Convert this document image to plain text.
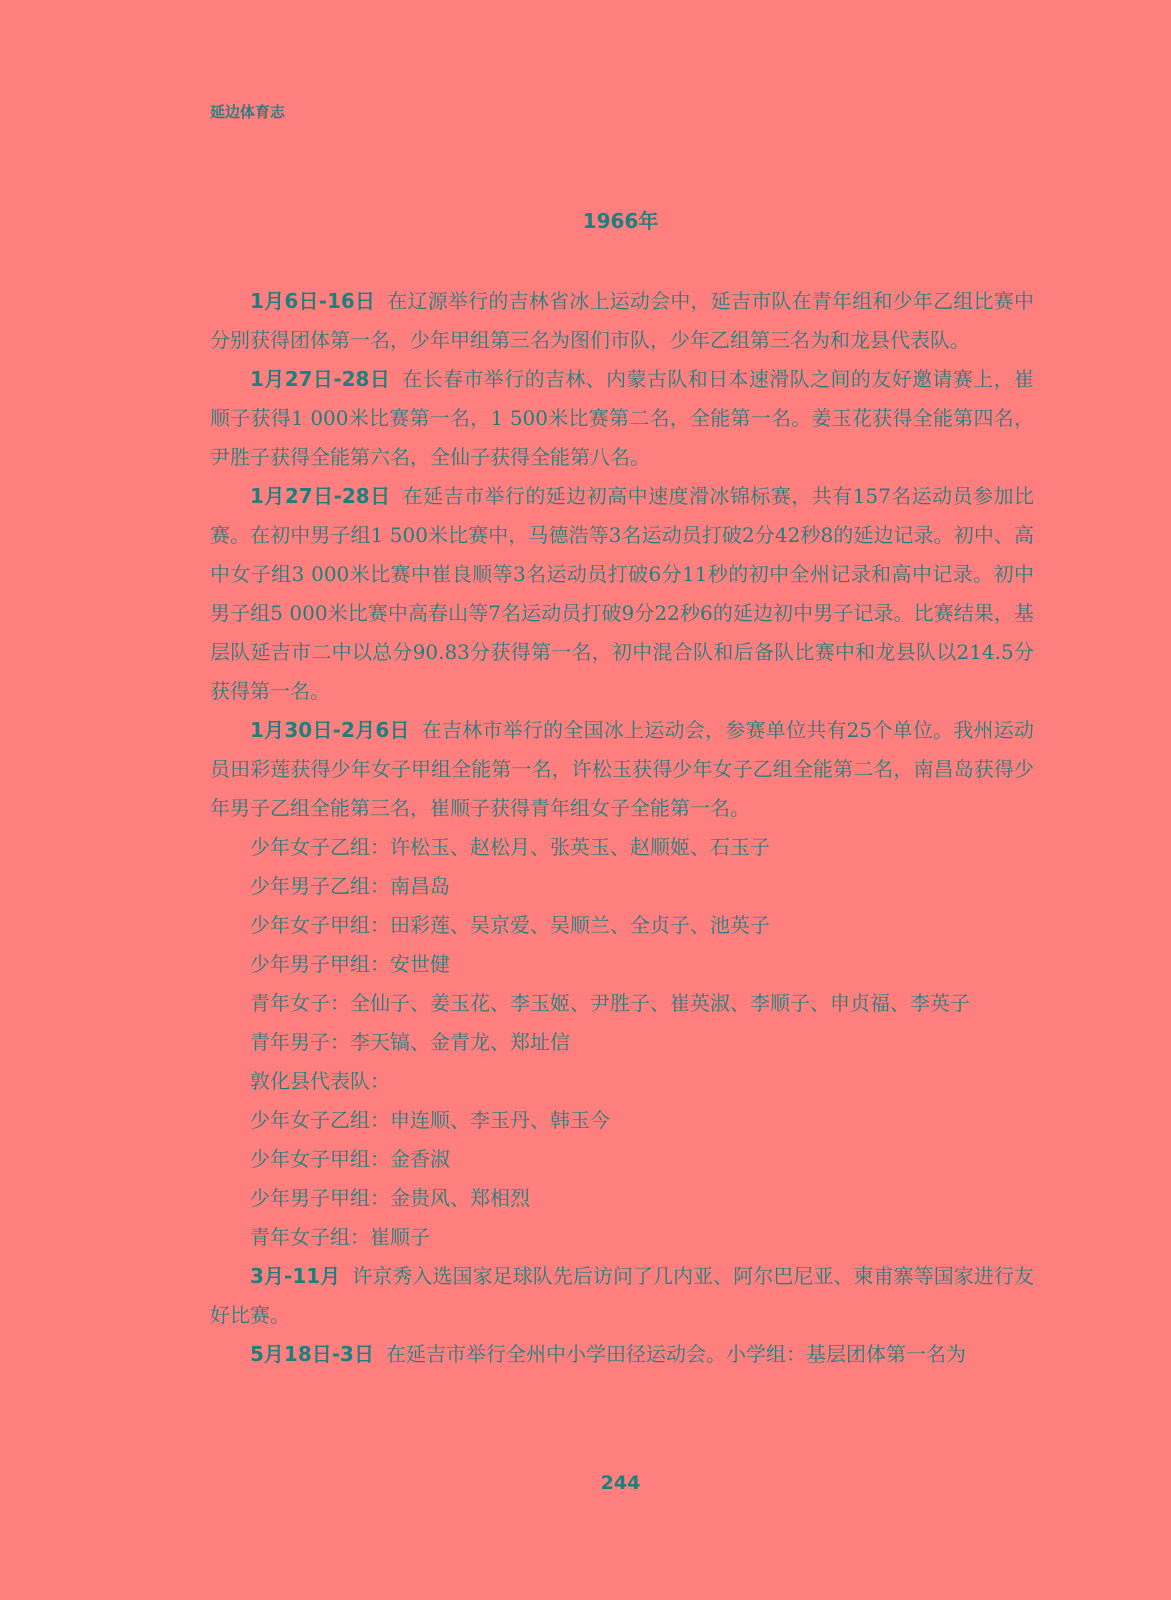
延边体育志
1966年

1月6日-16日 在辽源举行的吉林省冰上运动会中，延吉市队在青年组和少年乙组比赛中分别获得团体第一名，少年甲组第三名为图们市队，少年乙组第三名为和龙县代表队。

1月27日-28日 在长春市举行的吉林、内蒙古队和日本速滑队之间的友好邀请赛上，崔顺子获得1 000米比赛第一名，1 500米比赛第二名，全能第一名。姜玉花获得全能第四名，尹胜子获得全能第六名，全仙子获得全能第八名。

1月27日-28日 在延吉市举行的延边初高中速度滑冰锦标赛，共有157名运动员参加比赛。在初中男子组1 500米比赛中，马德浩等3名运动员打破2分42秒8的延边记录。初中、高中女子组3 000米比赛中崔良顺等3名运动员打破6分11秒的初中全州记录和高中记录。初中男子组5 000米比赛中高春山等7名运动员打破9分22秒6的延边初中男子记录。比赛结果，基层队延吉市二中以总分90.83分获得第一名，初中混合队和后备队比赛中和龙县队以214.5分获得第一名。

1月30日-2月6日 在吉林市举行的全国冰上运动会，参赛单位共有25个单位。我州运动员田彩莲获得少年女子甲组全能第一名，许松玉获得少年女子乙组全能第二名，南昌岛获得少年男子乙组全能第三名，崔顺子获得青年组女子全能第一名。

少年女子乙组：许松玉、赵松月、张英玉、赵顺姬、石玉子

少年男子乙组：南昌岛

少年女子甲组：田彩莲、吴京爱、吴顺兰、全贞子、池英子

少年男子甲组：安世健

青年女子：全仙子、姜玉花、李玉姬、尹胜子、崔英淑、李顺子、申贞福、李英子

青年男子：李天镐、金青龙、郑址信

敦化县代表队：

少年女子乙组：申连顺、李玉丹、韩玉今

少年女子甲组：金香淑

少年男子甲组：金贵风、郑相烈

青年女子组：崔顺子

3月-11月 许京秀入选国家足球队先后访问了几内亚、阿尔巴尼亚、柬甫寨等国家进行友好比赛。

5月18日-3日 在延吉市举行全州中小学田径运动会。小学组：基层团体第一名为

244
